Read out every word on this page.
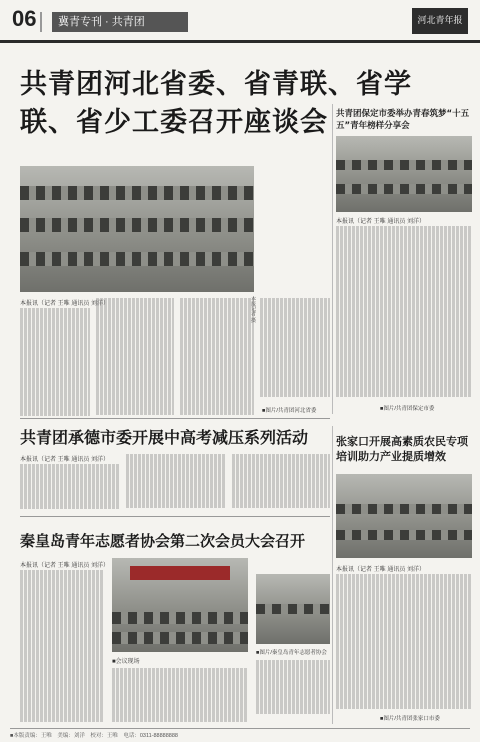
06	冀青专刊 · 共青团	河北青年报
共青团河北省委、省青联、省学联、省少工委召开座谈会
本报记者 摄
本报讯（记者 王唯 通讯员 刘洋）
■图片/共青团河北省委
共青团保定市委举办青春筑梦“十五五”青年榜样分享会
本报讯（记者 王唯 通讯员 刘洋）
■图片/共青团保定市委
共青团承德市委开展中高考减压系列活动
本报讯（记者 王唯 通讯员 刘洋）
秦皇岛青年志愿者协会第二次会员大会召开
本报讯（记者 王唯 通讯员 刘洋）
■会议现场
■图片/秦皇岛青年志愿者协会
张家口开展高素质农民专项培训助力产业提质增效
本报讯（记者 王唯 通讯员 刘洋）
■图片/共青团张家口市委
■本版责编：王唯　美编：刘洋　校对：王唯　电话：0311-88888888
